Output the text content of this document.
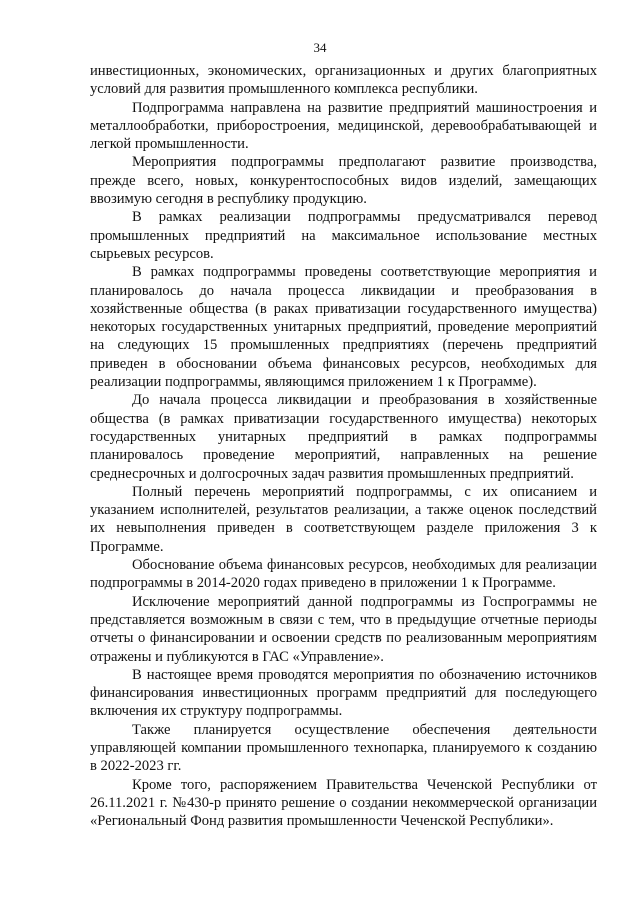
34

инвестиционных, экономических, организационных и других благоприятных условий для развития промышленного комплекса республики.

Подпрограмма направлена на развитие предприятий машиностроения и металлообработки, приборостроения, медицинской, деревообрабатывающей и легкой промышленности.

Мероприятия подпрограммы предполагают развитие производства, прежде всего, новых, конкурентоспособных видов изделий, замещающих ввозимую сегодня в республику продукцию.

В рамках реализации подпрограммы предусматривался перевод промышленных предприятий на максимальное использование местных сырьевых ресурсов.

В рамках подпрограммы проведены соответствующие мероприятия и планировалось до начала процесса ликвидации и преобразования в хозяйственные общества (в раках приватизации государственного имущества) некоторых государственных унитарных предприятий, проведение мероприятий на следующих 15 промышленных предприятиях (перечень предприятий приведен в обосновании объема финансовых ресурсов, необходимых для реализации подпрограммы, являющимся приложением 1 к Программе).

До начала процесса ликвидации и преобразования в хозяйственные общества (в рамках приватизации государственного имущества) некоторых государственных унитарных предприятий в рамках подпрограммы планировалось проведение мероприятий, направленных на решение среднесрочных и долгосрочных задач развития промышленных предприятий.

Полный перечень мероприятий подпрограммы, с их описанием и указанием исполнителей, результатов реализации, а также оценок последствий их невыполнения приведен в соответствующем разделе приложения 3 к Программе.

Обоснование объема финансовых ресурсов, необходимых для реализации подпрограммы в 2014-2020 годах приведено в приложении 1 к Программе.

Исключение мероприятий данной подпрограммы из Госпрограммы не представляется возможным в связи с тем, что в предыдущие отчетные периоды отчеты о финансировании и освоении средств по реализованным мероприятиям отражены и публикуются в ГАС «Управление».

В настоящее время проводятся мероприятия по обозначению источников финансирования инвестиционных программ предприятий для последующего включения их структуру подпрограммы.

Также планируется осуществление обеспечения деятельности управляющей компании промышленного технопарка, планируемого к созданию в 2022-2023 гг.

Кроме того, распоряжением Правительства Чеченской Республики от 26.11.2021 г. №430-р принято решение о создании некоммерческой организации «Региональный Фонд развития промышленности Чеченской Республики».
